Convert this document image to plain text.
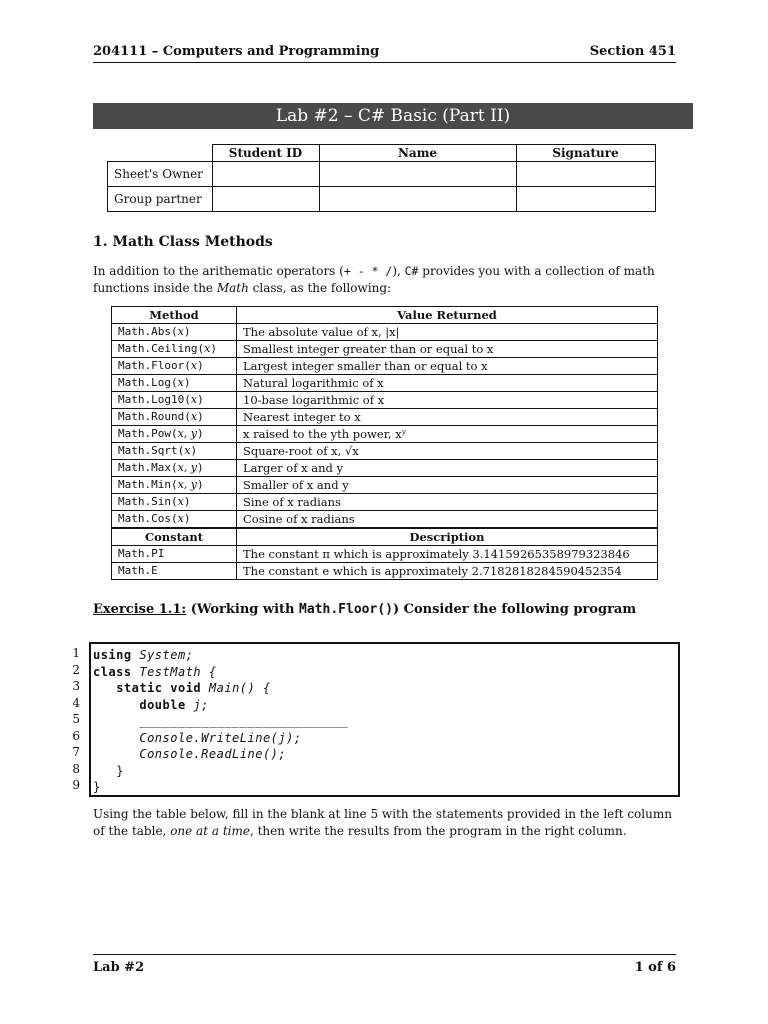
204111 – Computers and Programming	Section 451
Lab #2 – C# Basic (Part II)
	Student ID	Name	Signature
Sheet's Owner			
Group partner			
1. Math Class Methods
In addition to the arithematic operators (+ - * /), C# provides you with a collection of math functions inside the Math class, as the following:
Method	Value Returned
Math.Abs(x)	The absolute value of x, |x|
Math.Ceiling(x)	Smallest integer greater than or equal to x
Math.Floor(x)	Largest integer smaller than or equal to x
Math.Log(x)	Natural logarithmic of x
Math.Log10(x)	10-base logarithmic of x
Math.Round(x)	Nearest integer to x
Math.Pow(x, y)	x raised to the yth power, xʸ
Math.Sqrt(x)	Square-root of x, √x
Math.Max(x, y)	Larger of x and y
Math.Min(x, y)	Smaller of x and y
Math.Sin(x)	Sine of x radians
Math.Cos(x)	Cosine of x radians
Constant	Description
Math.PI	The constant π which is approximately 3.14159265358979323846
Math.E	The constant e which is approximately 2.7182818284590452354
Exercise 1.1: (Working with Math.Floor()) Consider the following program
1
2
3
4
5
6
7
8
9
using System;
class TestMath {
static void Main() {
double j;
___________________________
Console.WriteLine(j);
Console.ReadLine();
}
}
Using the table below, fill in the blank at line 5 with the statements provided in the left column of the table, one at a time, then write the results from the program in the right column.
Lab #2	1 of 6
